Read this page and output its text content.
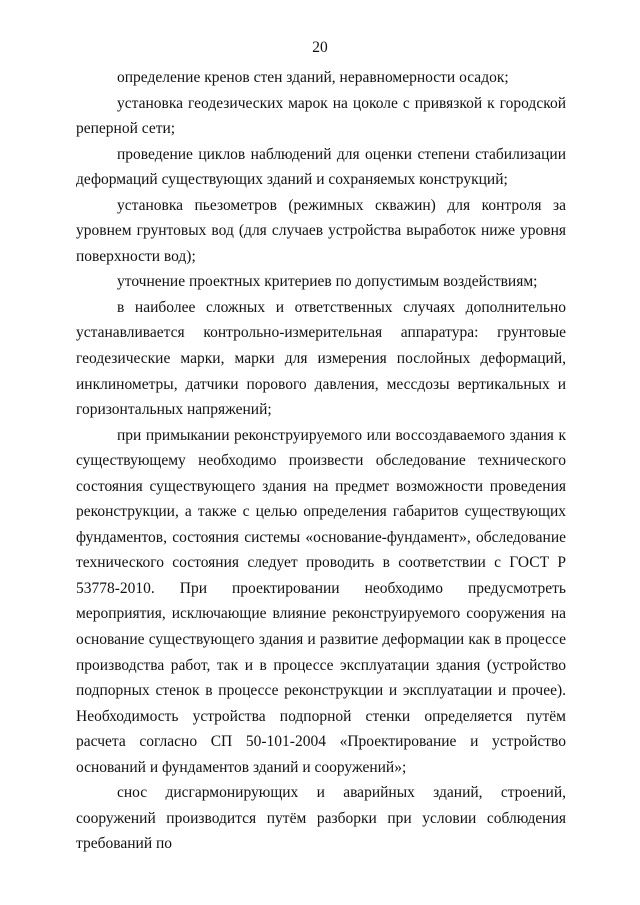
20

определение кренов стен зданий, неравномерности осадок;

установка геодезических марок на цоколе с привязкой к городской реперной сети;

проведение циклов наблюдений для оценки степени стабилизации деформаций существующих зданий и сохраняемых конструкций;

установка пьезометров (режимных скважин) для контроля за уровнем грунтовых вод (для случаев устройства выработок ниже уровня поверхности вод);

уточнение проектных критериев по допустимым воздействиям;

в наиболее сложных и ответственных случаях дополнительно устанавливается контрольно-измерительная аппаратура: грунтовые геодезические марки, марки для измерения послойных деформаций, инклинометры, датчики порового давления, мессдозы вертикальных и горизонтальных напряжений;

при примыкании реконструируемого или воссоздаваемого здания к существующему необходимо произвести обследование технического состояния существующего здания на предмет возможности проведения реконструкции, а также с целью определения габаритов существующих фундаментов, состояния системы «основание-фундамент», обследование технического состояния следует проводить в соответствии с ГОСТ Р 53778-2010. При проектировании необходимо предусмотреть мероприятия, исключающие влияние реконструируемого сооружения на основание существующего здания и развитие деформации как в процессе производства работ, так и в процессе эксплуатации здания (устройство подпорных стенок в процессе реконструкции и эксплуатации и прочее). Необходимость устройства подпорной стенки определяется путём расчета согласно СП 50-101-2004 «Проектирование и устройство оснований и фундаментов зданий и сооружений»;

снос дисгармонирующих и аварийных зданий, строений, сооружений производится путём разборки при условии соблюдения требований по
